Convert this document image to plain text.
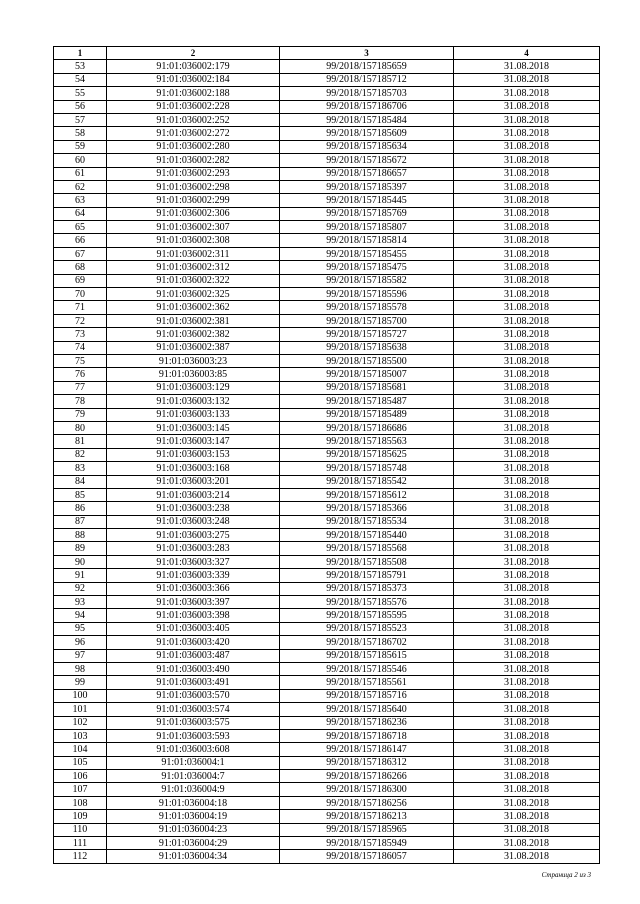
1	2	3	4
53	91:01:036002:179	99/2018/157185659	31.08.2018
54	91:01:036002:184	99/2018/157185712	31.08.2018
55	91:01:036002:188	99/2018/157185703	31.08.2018
56	91:01:036002:228	99/2018/157186706	31.08.2018
57	91:01:036002:252	99/2018/157185484	31.08.2018
58	91:01:036002:272	99/2018/157185609	31.08.2018
59	91:01:036002:280	99/2018/157185634	31.08.2018
60	91:01:036002:282	99/2018/157185672	31.08.2018
61	91:01:036002:293	99/2018/157186657	31.08.2018
62	91:01:036002:298	99/2018/157185397	31.08.2018
63	91:01:036002:299	99/2018/157185445	31.08.2018
64	91:01:036002:306	99/2018/157185769	31.08.2018
65	91:01:036002:307	99/2018/157185807	31.08.2018
66	91:01:036002:308	99/2018/157185814	31.08.2018
67	91:01:036002:311	99/2018/157185455	31.08.2018
68	91:01:036002:312	99/2018/157185475	31.08.2018
69	91:01:036002:322	99/2018/157185582	31.08.2018
70	91:01:036002:325	99/2018/157185596	31.08.2018
71	91:01:036002:362	99/2018/157185578	31.08.2018
72	91:01:036002:381	99/2018/157185700	31.08.2018
73	91:01:036002:382	99/2018/157185727	31.08.2018
74	91:01:036002:387	99/2018/157185638	31.08.2018
75	91:01:036003:23	99/2018/157185500	31.08.2018
76	91:01:036003:85	99/2018/157185007	31.08.2018
77	91:01:036003:129	99/2018/157185681	31.08.2018
78	91:01:036003:132	99/2018/157185487	31.08.2018
79	91:01:036003:133	99/2018/157185489	31.08.2018
80	91:01:036003:145	99/2018/157186686	31.08.2018
81	91:01:036003:147	99/2018/157185563	31.08.2018
82	91:01:036003:153	99/2018/157185625	31.08.2018
83	91:01:036003:168	99/2018/157185748	31.08.2018
84	91:01:036003:201	99/2018/157185542	31.08.2018
85	91:01:036003:214	99/2018/157185612	31.08.2018
86	91:01:036003:238	99/2018/157185366	31.08.2018
87	91:01:036003:248	99/2018/157185534	31.08.2018
88	91:01:036003:275	99/2018/157185440	31.08.2018
89	91:01:036003:283	99/2018/157185568	31.08.2018
90	91:01:036003:327	99/2018/157185508	31.08.2018
91	91:01:036003:339	99/2018/157185791	31.08.2018
92	91:01:036003:366	99/2018/157185373	31.08.2018
93	91:01:036003:397	99/2018/157185576	31.08.2018
94	91:01:036003:398	99/2018/157185595	31.08.2018
95	91:01:036003:405	99/2018/157185523	31.08.2018
96	91:01:036003:420	99/2018/157186702	31.08.2018
97	91:01:036003:487	99/2018/157185615	31.08.2018
98	91:01:036003:490	99/2018/157185546	31.08.2018
99	91:01:036003:491	99/2018/157185561	31.08.2018
100	91:01:036003:570	99/2018/157185716	31.08.2018
101	91:01:036003:574	99/2018/157185640	31.08.2018
102	91:01:036003:575	99/2018/157186236	31.08.2018
103	91:01:036003:593	99/2018/157186718	31.08.2018
104	91:01:036003:608	99/2018/157186147	31.08.2018
105	91:01:036004:1	99/2018/157186312	31.08.2018
106	91:01:036004:7	99/2018/157186266	31.08.2018
107	91:01:036004:9	99/2018/157186300	31.08.2018
108	91:01:036004:18	99/2018/157186256	31.08.2018
109	91:01:036004:19	99/2018/157186213	31.08.2018
110	91:01:036004:23	99/2018/157185965	31.08.2018
111	91:01:036004:29	99/2018/157185949	31.08.2018
112	91:01:036004:34	99/2018/157186057	31.08.2018
Страница 2 из 3
